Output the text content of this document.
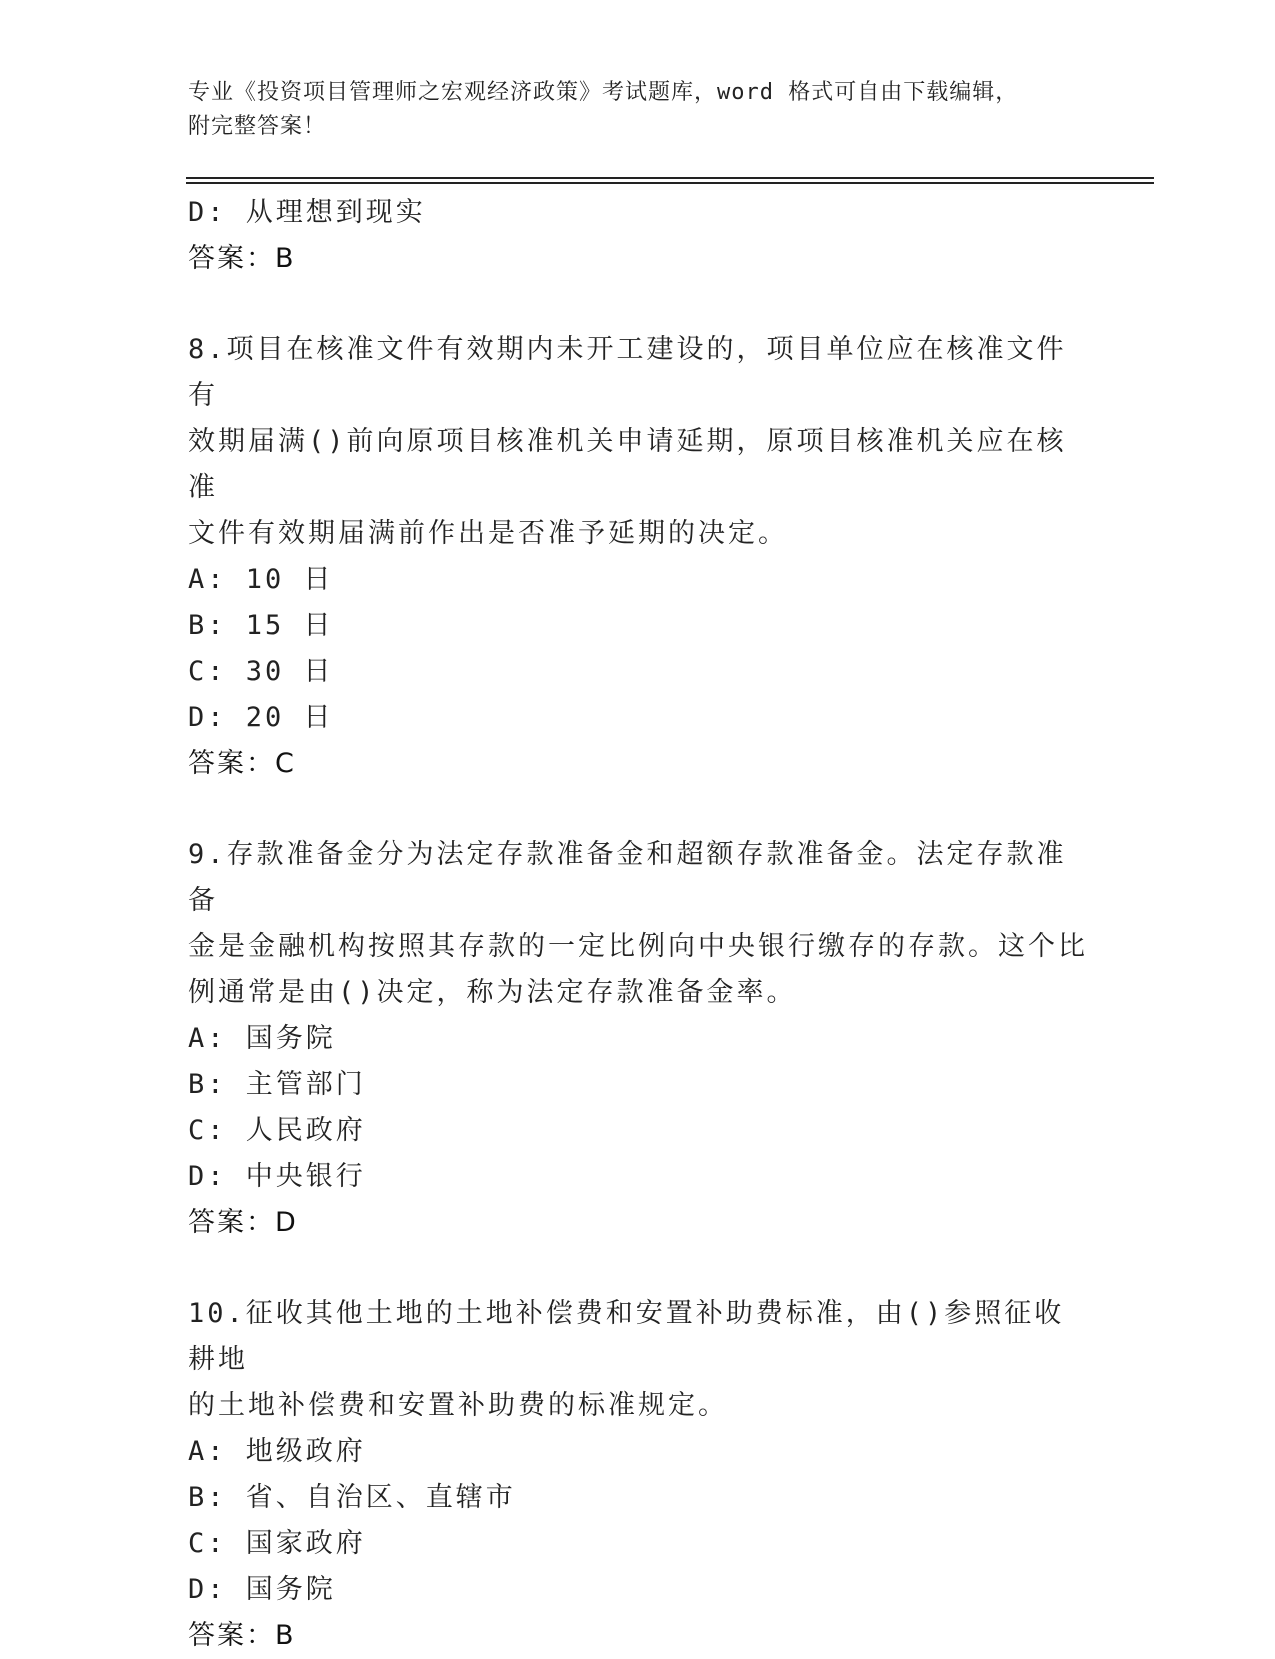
专业《投资项目管理师之宏观经济政策》考试题库，word 格式可自由下载编辑，
附完整答案！

D: 从理想到现实

答案：B

8.项目在核准文件有效期内未开工建设的，项目单位应在核准文件有

效期届满()前向原项目核准机关申请延期，原项目核准机关应在核准

文件有效期届满前作出是否准予延期的决定。

A: 10 日

B: 15 日

C: 30 日

D: 20 日

答案：C

9.存款准备金分为法定存款准备金和超额存款准备金。法定存款准备

金是金融机构按照其存款的一定比例向中央银行缴存的存款。这个比

例通常是由()决定，称为法定存款准备金率。

A: 国务院

B: 主管部门

C: 人民政府

D: 中央银行

答案：D

10.征收其他土地的土地补偿费和安置补助费标准，由()参照征收耕地

的土地补偿费和安置补助费的标准规定。

A: 地级政府

B: 省、自治区、直辖市

C: 国家政府

D: 国务院

答案：B
